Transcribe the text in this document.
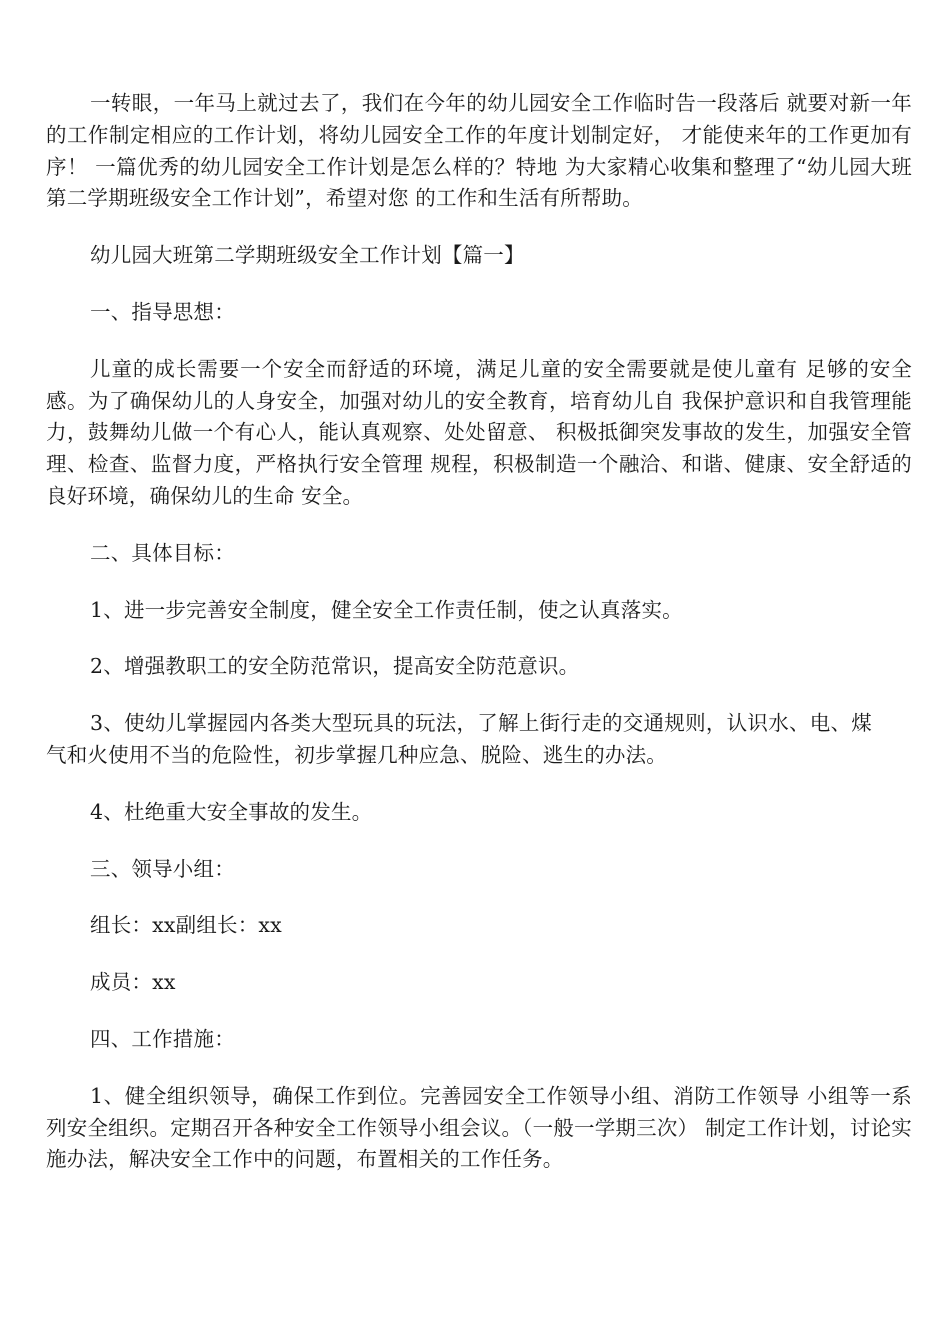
一转眼，一年马上就过去了，我们在今年的幼儿园安全工作临时告一段落后 就要对新一年的工作制定相应的工作计划，将幼儿园安全工作的年度计划制定好， 才能使来年的工作更加有序！ 一篇优秀的幼儿园安全工作计划是怎么样的？特地 为大家精心收集和整理了“幼儿园大班第二学期班级安全工作计划”，希望对您 的工作和生活有所帮助。

幼儿园大班第二学期班级安全工作计划【篇一】

一、指导思想：

儿童的成长需要一个安全而舒适的环境，满足儿童的安全需要就是使儿童有 足够的安全感。为了确保幼儿的人身安全，加强对幼儿的安全教育，培育幼儿自 我保护意识和自我管理能力，鼓舞幼儿做一个有心人，能认真观察、处处留意、 积极抵御突发事故的发生，加强安全管理、检查、监督力度，严格执行安全管理 规程，积极制造一个融洽、和谐、健康、安全舒适的良好环境，确保幼儿的生命 安全。

二、具体目标：

1、进一步完善安全制度，健全安全工作责任制，使之认真落实。

2、增强教职工的安全防范常识，提高安全防范意识。

3、使幼儿掌握园内各类大型玩具的玩法，了解上街行走的交通规则，认识水、电、煤气和火使用不当的危险性，初步掌握几种应急、脱险、逃生的办法。

4、杜绝重大安全事故的发生。

三、领导小组：

组长：xx副组长：xx

成员：xx

四、工作措施：

1、健全组织领导，确保工作到位。完善园安全工作领导小组、消防工作领导 小组等一系列安全组织。定期召开各种安全工作领导小组会议。（一般一学期三次） 制定工作计划，讨论实施办法，解决安全工作中的问题，布置相关的工作任务。
